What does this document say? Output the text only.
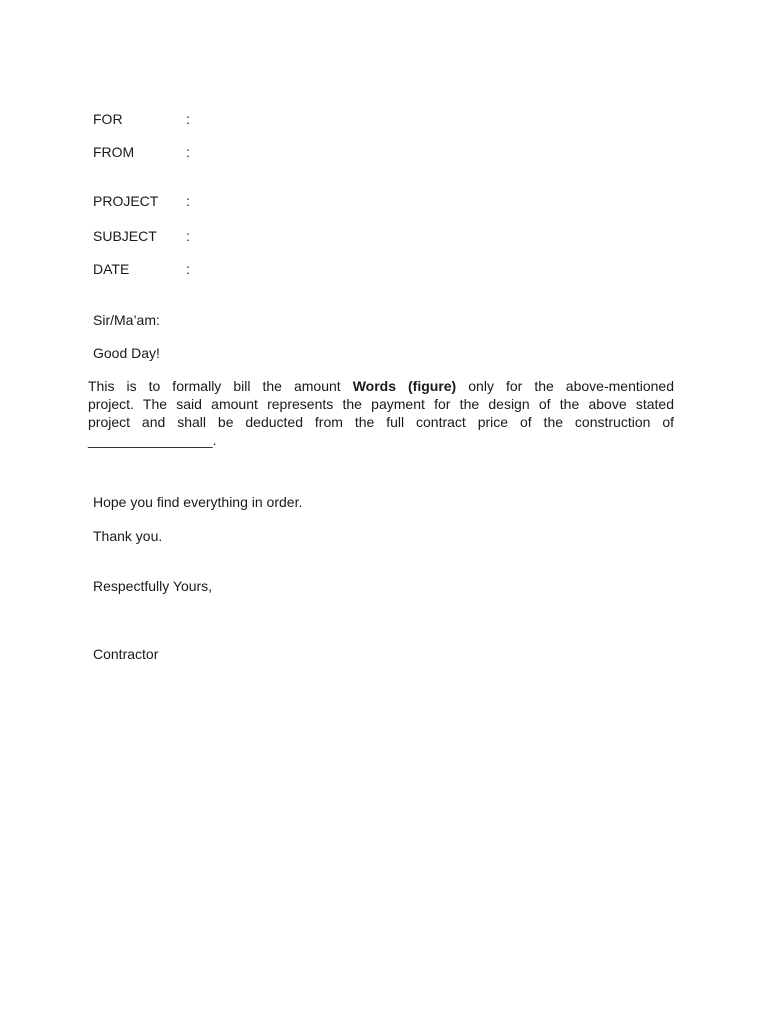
FOR	:
FROM	:
PROJECT :
SUBJECT :
DATE	:
Sir/Ma’am:
Good Day!
This is to formally bill the amount Words (figure) only for the above-mentioned
project. The said amount represents the payment for the design of the above stated
project and shall be deducted from the full contract price of the construction of
________________.
Hope you find everything in order.
Thank you.
Respectfully Yours,
Contractor
